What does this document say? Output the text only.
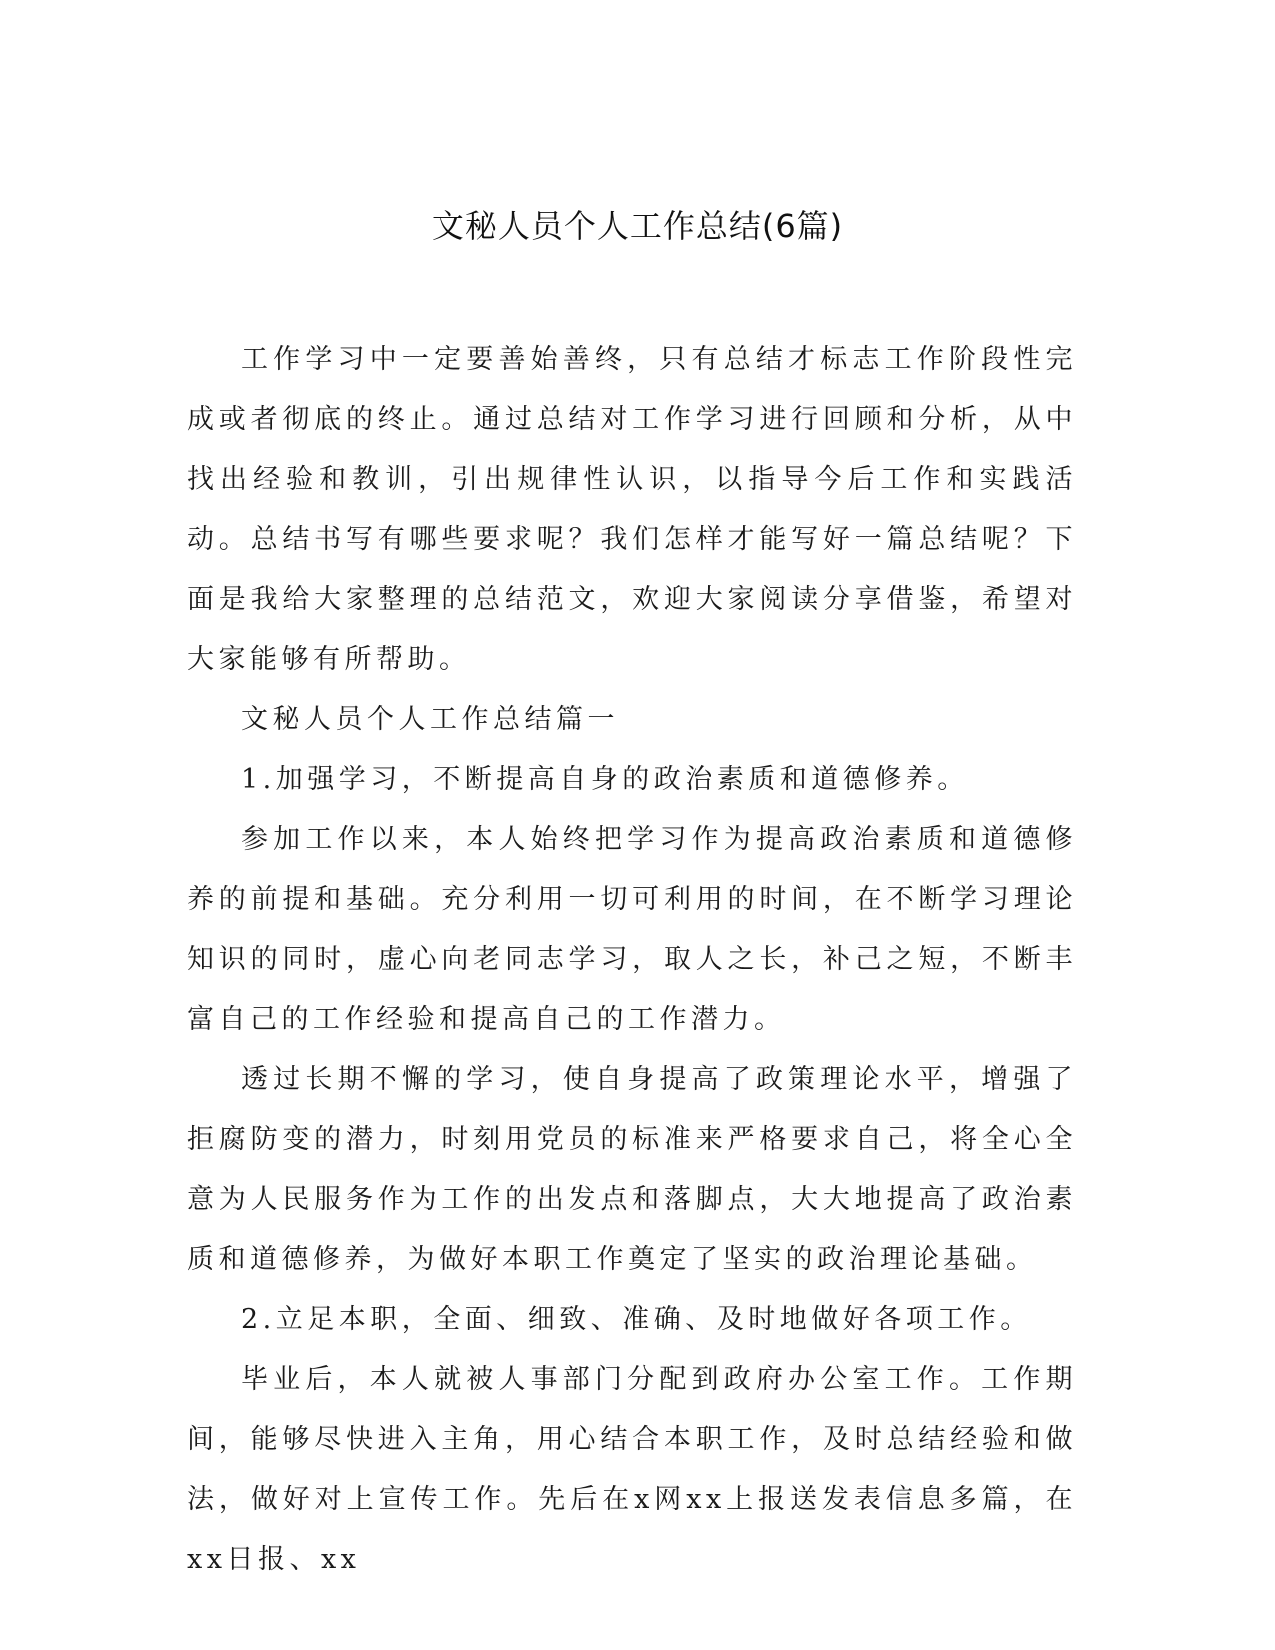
文秘人员个人工作总结(6篇)

工作学习中一定要善始善终，只有总结才标志工作阶段性完成或者彻底的终止。通过总结对工作学习进行回顾和分析，从中找出经验和教训，引出规律性认识，以指导今后工作和实践活动。总结书写有哪些要求呢？我们怎样才能写好一篇总结呢？下面是我给大家整理的总结范文，欢迎大家阅读分享借鉴，希望对大家能够有所帮助。

文秘人员个人工作总结篇一

1.加强学习，不断提高自身的政治素质和道德修养。

参加工作以来，本人始终把学习作为提高政治素质和道德修养的前提和基础。充分利用一切可利用的时间，在不断学习理论知识的同时，虚心向老同志学习，取人之长，补己之短，不断丰富自己的工作经验和提高自己的工作潜力。

透过长期不懈的学习，使自身提高了政策理论水平，增强了拒腐防变的潜力，时刻用党员的标准来严格要求自己，将全心全意为人民服务作为工作的出发点和落脚点，大大地提高了政治素质和道德修养，为做好本职工作奠定了坚实的政治理论基础。

2.立足本职，全面、细致、准确、及时地做好各项工作。

毕业后，本人就被人事部门分配到政府办公室工作。工作期间，能够尽快进入主角，用心结合本职工作，及时总结经验和做法，做好对上宣传工作。先后在x网xx上报送发表信息多篇，在xx日报、xx
